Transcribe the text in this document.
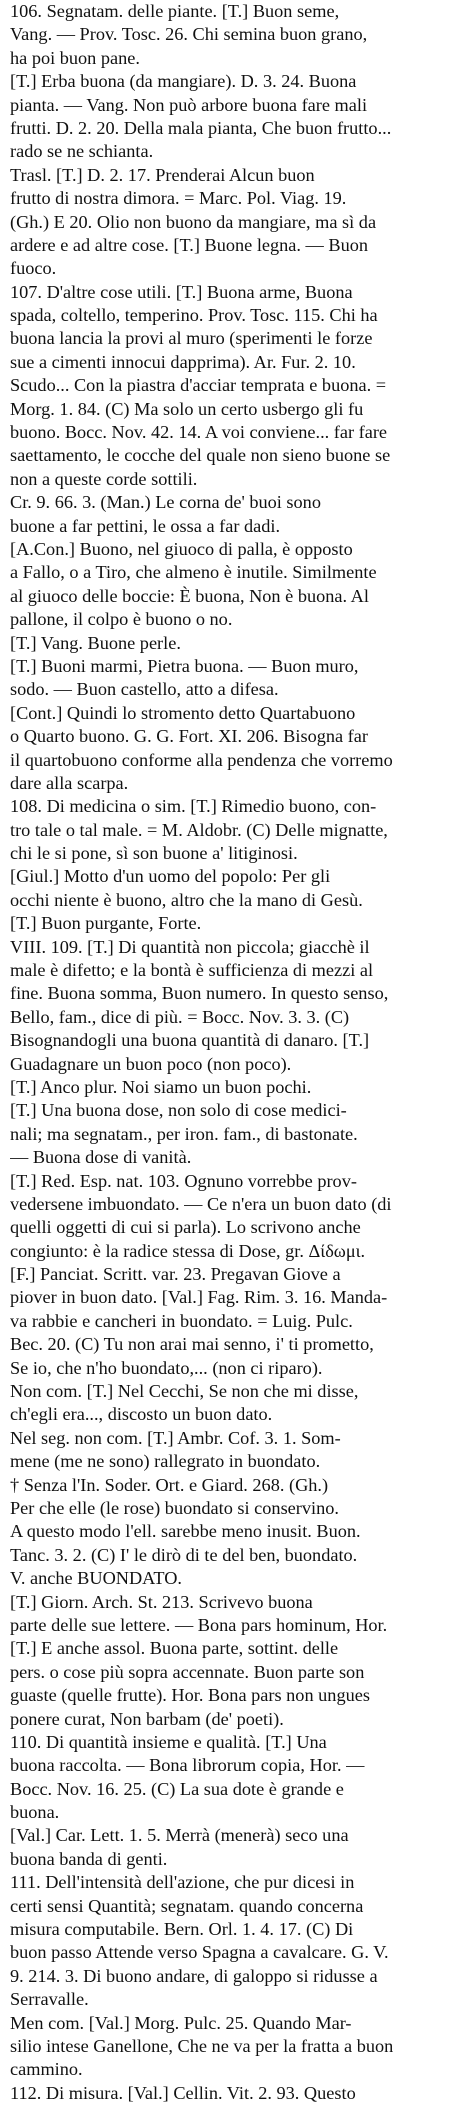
106. Segnatam. delle piante. [T.] Buon seme,

Vang. — Prov. Tosc. 26. Chi semina buon grano,

ha poi buon pane.

[T.] Erba buona (da mangiare). D. 3. 24. Buona

pianta. — Vang. Non può arbore buona fare mali

frutti. D. 2. 20. Della mala pianta, Che buon frutto...

rado se ne schianta.

Trasl. [T.] D. 2. 17. Prenderai Alcun buon

frutto di nostra dimora. = Marc. Pol. Viag. 19.

(Gh.) E 20. Olio non buono da mangiare, ma sì da

ardere e ad altre cose. [T.] Buone legna. — Buon

fuoco.

107. D'altre cose utili. [T.] Buona arme, Buona

spada, coltello, temperino. Prov. Tosc. 115. Chi ha

buona lancia la provi al muro (sperimenti le forze

sue a cimenti innocui dapprima). Ar. Fur. 2. 10.

Scudo... Con la piastra d'acciar temprata e buona. =

Morg. 1. 84. (C) Ma solo un certo usbergo gli fu

buono. Bocc. Nov. 42. 14. A voi conviene... far fare

saettamento, le cocche del quale non sieno buone se

non a queste corde sottili.

Cr. 9. 66. 3. (Man.) Le corna de' buoi sono

buone a far pettini, le ossa a far dadi.

[A.Con.] Buono, nel giuoco di palla, è opposto

a Fallo, o a Tiro, che almeno è inutile. Similmente

al giuoco delle boccie: È buona, Non è buona. Al

pallone, il colpo è buono o no.

[T.] Vang. Buone perle.

[T.] Buoni marmi, Pietra buona. — Buon muro,

sodo. — Buon castello, atto a difesa.

[Cont.] Quindi lo stromento detto Quartabuono

o Quarto buono. G. G. Fort. XI. 206. Bisogna far

il quartobuono conforme alla pendenza che vorremo

dare alla scarpa.

108. Di medicina o sim. [T.] Rimedio buono, con-

tro tale o tal male. = M. Aldobr. (C) Delle mignatte,

chi le si pone, sì son buone a' litiginosi.

[Giul.] Motto d'un uomo del popolo: Per gli

occhi niente è buono, altro che la mano di Gesù.

[T.] Buon purgante, Forte.

VIII. 109. [T.] Di quantità non piccola; giacchè il

male è difetto; e la bontà è sufficienza di mezzi al

fine. Buona somma, Buon numero. In questo senso,

Bello, fam., dice di più. = Bocc. Nov. 3. 3. (C)

Bisognandogli una buona quantità di danaro. [T.]

Guadagnare un buon poco (non poco).

[T.] Anco plur. Noi siamo un buon pochi.

[T.] Una buona dose, non solo di cose medici-

nali; ma segnatam., per iron. fam., di bastonate.

— Buona dose di vanità.

[T.] Red. Esp. nat. 103. Ognuno vorrebbe prov-

vedersene imbuondato. — Ce n'era un buon dato (di

quelli oggetti di cui si parla). Lo scrivono anche

congiunto: è la radice stessa di Dose, gr. Δίδωμι.

[F.] Panciat. Scritt. var. 23. Pregavan Giove a

piover in buon dato. [Val.] Fag. Rim. 3. 16. Manda-

va rabbie e cancheri in buondato. = Luig. Pulc.

Bec. 20. (C) Tu non arai mai senno, i' ti prometto,

Se io, che n'ho buondato,... (non ci riparo).

Non com. [T.] Nel Cecchi, Se non che mi disse,

ch'egli era..., discosto un buon dato.

Nel seg. non com. [T.] Ambr. Cof. 3. 1. Som-

mene (me ne sono) rallegrato in buondato.

† Senza l'In. Soder. Ort. e Giard. 268. (Gh.)

Per che elle (le rose) buondato si conservino.

A questo modo l'ell. sarebbe meno inusit. Buon.

Tanc. 3. 2. (C) I' le dirò di te del ben, buondato.

V. anche BUONDATO.

[T.] Giorn. Arch. St. 213. Scrivevo buona

parte delle sue lettere. — Bona pars hominum, Hor.

[T.] E anche assol. Buona parte, sottint. delle

pers. o cose più sopra accennate. Buon parte son

guaste (quelle frutte). Hor. Bona pars non ungues

ponere curat, Non barbam (de' poeti).

110. Di quantità insieme e qualità. [T.] Una

buona raccolta. — Bona librorum copia, Hor. —

Bocc. Nov. 16. 25. (C) La sua dote è grande e

buona.

[Val.] Car. Lett. 1. 5. Merrà (menerà) seco una

buona banda di genti.

111. Dell'intensità dell'azione, che pur dicesi in

certi sensi Quantità; segnatam. quando concerna

misura computabile. Bern. Orl. 1. 4. 17. (C) Di

buon passo Attende verso Spagna a cavalcare. G. V.

9. 214. 3. Di buono andare, di galoppo si ridusse a

Serravalle.

Men com. [Val.] Morg. Pulc. 25. Quando Mar-

silio intese Ganellone, Che ne va per la fratta a buon

cammino.

112. Di misura. [Val.] Cellin. Vit. 2. 93. Questo
